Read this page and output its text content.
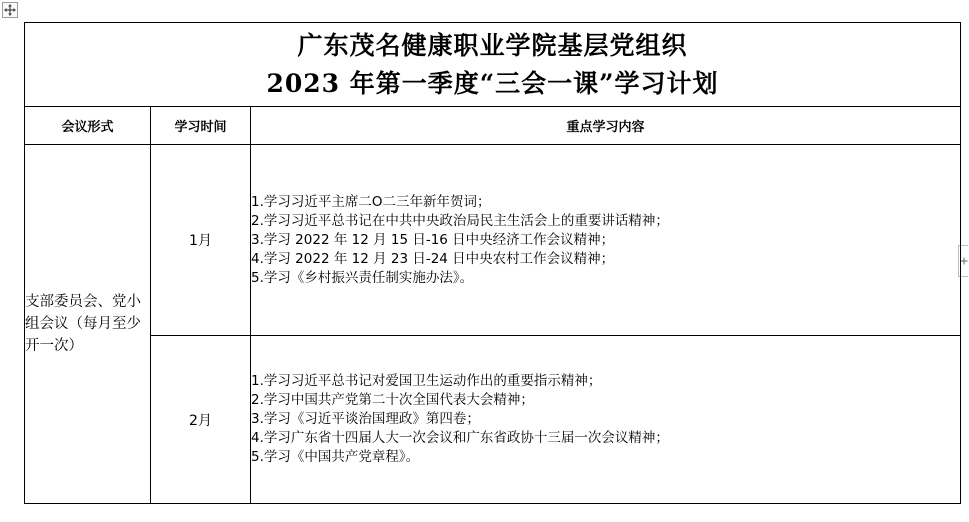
广东茂名健康职业学院基层党组织
2023 年第一季度“三会一课”学习计划		

会议形式	学习时间	重点学习内容
支部委员会、党小组会议（每月至少开一次）	1月	1.学习习近平主席二O二三年新年贺词；
2.学习习近平总书记在中共中央政治局民主生活会上的重要讲话精神；
3.学习 2022 年 12 月 15 日-16 日中央经济工作会议精神；
4.学习 2022 年 12 月 23 日-24 日中央农村工作会议精神；
5.学习《乡村振兴责任制实施办法》。

	2月	1.学习习近平总书记对爱国卫生运动作出的重要指示精神；
2.学习中国共产党第二十次全国代表大会精神；
3.学习《习近平谈治国理政》第四卷；
4.学习广东省十四届人大一次会议和广东省政协十三届一次会议精神；
5.学习《中国共产党章程》。
